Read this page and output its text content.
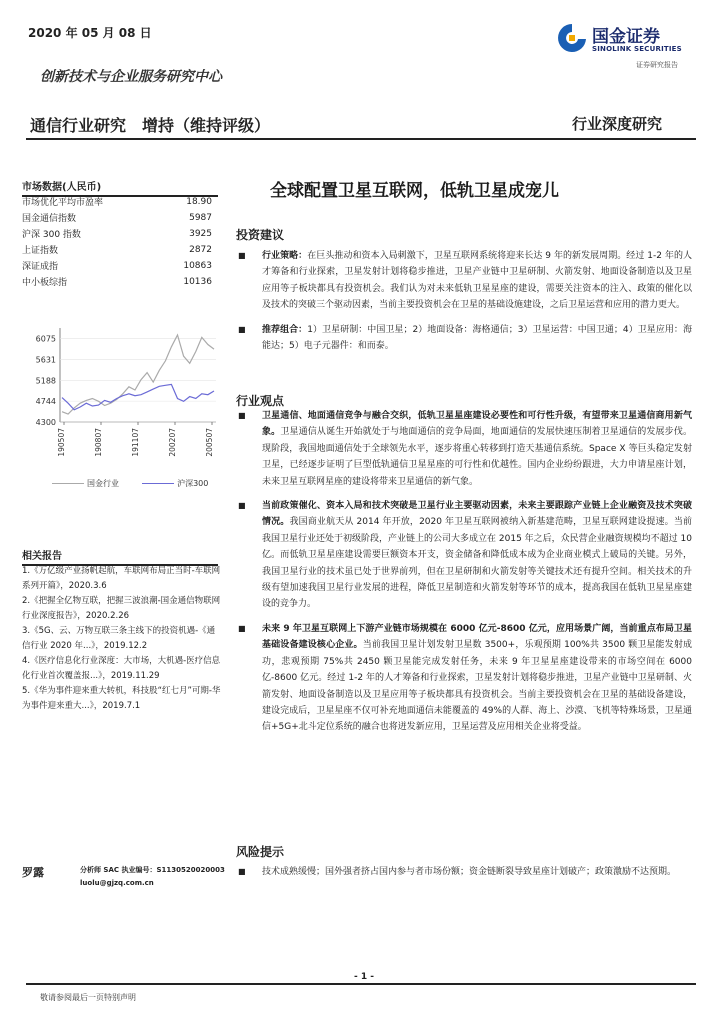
2020 年 05 月 08 日
创新技术与企业服务研究中心
国金证券
SINOLINK SECURITIES
证券研究报告
通信行业研究　增持（维持评级）	行业深度研究
市场数据(人民币)
市场优化平均市盈率	18.90
国金通信指数	5987
沪深 300 指数	3925
上证指数	2872
深证成指	10863
中小板综指	10136
6075
5631
5188
4744
4300
190507	190807	191107	200207	200507
国金行业	沪深300
相关报告

1.《万亿级产业扬帆起航，车联网布局正当时-车联网系列开篇》，2020.3.6

2.《把握全亿物互联，把握三波浪潮-国金通信物联网行业深度报告》，2020.2.26

3.《5G、云、万物互联三条主线下的投资机遇-《通信行业 2020 年...》，2019.12.2

4.《医疗信息化行业深度：大市场，大机遇-医疗信息化行业首次覆盖报...》，2019.11.29

5.《华为事件迎来重大转机，科技股“红七月”可期-华为事件迎来重大...》，2019.7.1

罗露	分析师 SAC 执业编号：S1130520020003
luolu@gjzq.com.cn
全球配置卫星互联网，低轨卫星成宠儿
投资建议

■ 行业策略：在巨头推动和资本入局刺激下，卫星互联网系统将迎来长达 9 年的新发展周期。经过 1-2 年的人才筹备和行业探索，卫星发射计划将稳步推进，卫星产业链中卫星研制、火箭发射、地面设备制造以及卫星应用等子板块都具有投资机会。我们认为对未来低轨卫星星座的建设，需要关注资本的注入、政策的催化以及技术的突破三个驱动因素，当前主要投资机会在卫星的基础设施建设，之后卫星运营和应用的潜力更大。

■ 推荐组合：1）卫星研制：中国卫星；2）地面设备：海格通信；3）卫星运营：中国卫通；4）卫星应用：海能达；5）电子元器件：和而泰。

行业观点

■ 卫星通信、地面通信竞争与融合交织，低轨卫星星座建设必要性和可行性升级，有望带来卫星通信商用新气象。卫星通信从诞生开始就处于与地面通信的竞争局面，地面通信的发展快速压制着卫星通信的发展步伐。现阶段，我国地面通信处于全球领先水平，逐步将重心转移到打造天基通信系统。Space X 等巨头稳定发射卫星，已经逐步证明了巨型低轨通信卫星星座的可行性和优越性。国内企业纷纷跟进，大力申请星座计划，未来卫星互联网星座的建设将带来卫星通信的新气象。

■ 当前政策催化、资本入局和技术突破是卫星行业主要驱动因素，未来主要跟踪产业链上企业融资及技术突破情况。我国商业航天从 2014 年开放，2020 年卫星互联网被纳入新基建范畴，卫星互联网建设提速。当前我国卫星行业还处于初级阶段，产业链上的公司大多成立在 2015 年之后，众民营企业融资规模均不超过 10 亿。而低轨卫星星座建设需要巨额资本开支，资金储备和降低成本成为企业商业模式上破局的关键。另外，我国卫星行业的技术虽已处于世界前列，但在卫星研制和火箭发射等关键技术还有提升空间。相关技术的升级有望加速我国卫星行业发展的进程，降低卫星制造和火箭发射等环节的成本，提高我国在低轨卫星星座建设的竞争力。

■ 未来 9 年卫星互联网上下游产业链市场规模在 6000 亿元-8600 亿元，应用场景广阔，当前重点布局卫星基础设备建设核心企业。当前我国卫星计划发射卫星数 3500+，乐观预期 100%共 3500 颗卫星能发射成功，悲观预期 75%共 2450 颗卫星能完成发射任务，未来 9 年卫星星座建设带来的市场空间在 6000 亿-8600 亿元。经过 1-2 年的人才筹备和行业探索，卫星发射计划将稳步推进，卫星产业链中卫星研制、火箭发射、地面设备制造以及卫星应用等子板块都具有投资机会。当前主要投资机会在卫星的基础设备建设，建设完成后，卫星星座不仅可补充地面通信未能覆盖的 49%的人群、海上、沙漠、飞机等特殊场景，卫星通信+5G+北斗定位系统的融合也将迸发新应用，卫星运营及应用相关企业将受益。

风险提示

■ 技术成熟缓慢；国外强者挤占国内参与者市场份额；资金链断裂导致星座计划破产；政策激励不达预期。

- 1 -
敬请参阅最后一页特别声明
